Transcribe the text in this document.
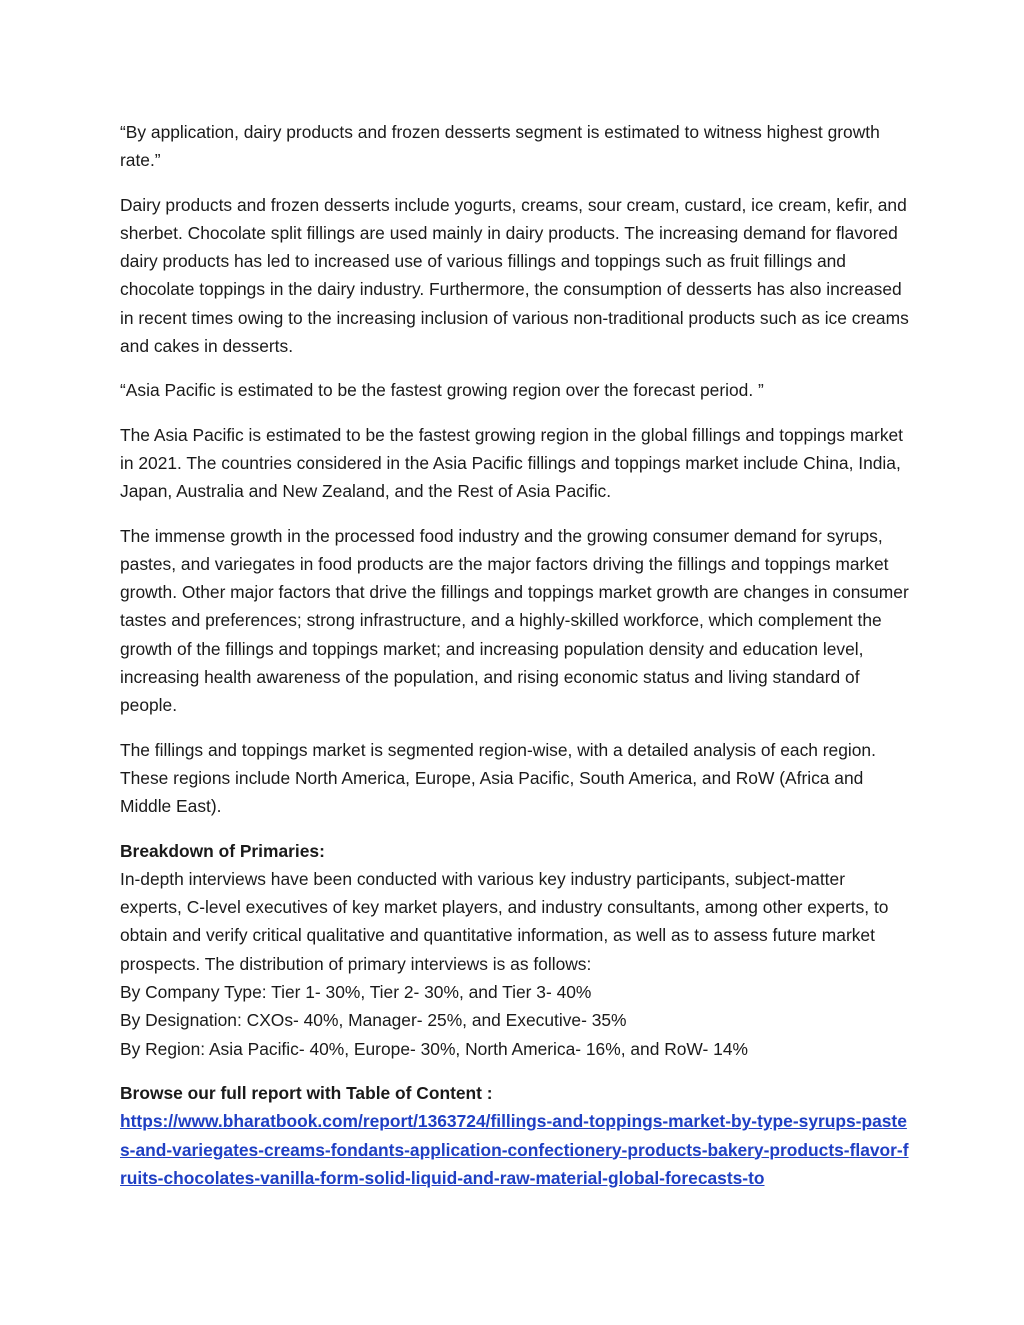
“By application, dairy products and frozen desserts segment is estimated to witness highest growth rate.”

Dairy products and frozen desserts include yogurts, creams, sour cream, custard, ice cream, kefir, and sherbet. Chocolate split fillings are used mainly in dairy products. The increasing demand for flavored dairy products has led to increased use of various fillings and toppings such as fruit fillings and chocolate toppings in the dairy industry. Furthermore, the consumption of desserts has also increased in recent times owing to the increasing inclusion of various non-traditional products such as ice creams and cakes in desserts.

“Asia Pacific is estimated to be the fastest growing region over the forecast period. ”

The Asia Pacific is estimated to be the fastest growing region in the global fillings and toppings market in 2021. The countries considered in the Asia Pacific fillings and toppings market include China, India, Japan, Australia and New Zealand, and the Rest of Asia Pacific.

The immense growth in the processed food industry and the growing consumer demand for syrups, pastes, and variegates in food products are the major factors driving the fillings and toppings market growth. Other major factors that drive the fillings and toppings market growth are changes in consumer tastes and preferences; strong infrastructure, and a highly-skilled workforce, which complement the growth of the fillings and toppings market; and increasing population density and education level, increasing health awareness of the population, and rising economic status and living standard of people.

The fillings and toppings market is segmented region-wise, with a detailed analysis of each region. These regions include North America, Europe, Asia Pacific, South America, and RoW (Africa and Middle East).

Breakdown of Primaries:
In-depth interviews have been conducted with various key industry participants, subject-matter experts, C-level executives of key market players, and industry consultants, among other experts, to obtain and verify critical qualitative and quantitative information, as well as to assess future market prospects. The distribution of primary interviews is as follows:
By Company Type: Tier 1- 30%, Tier 2- 30%, and Tier 3- 40%
By Designation: CXOs- 40%, Manager- 25%, and Executive- 35%
By Region: Asia Pacific- 40%, Europe- 30%, North America- 16%, and RoW- 14%
Browse our full report with Table of Content :
https://www.bharatbook.com/report/1363724/fillings-and-toppings-market-by-type-syrups-pastes-and-variegates-creams-fondants-application-confectionery-products-bakery-products-flavor-fruits-chocolates-vanilla-form-solid-liquid-and-raw-material-global-forecasts-to
